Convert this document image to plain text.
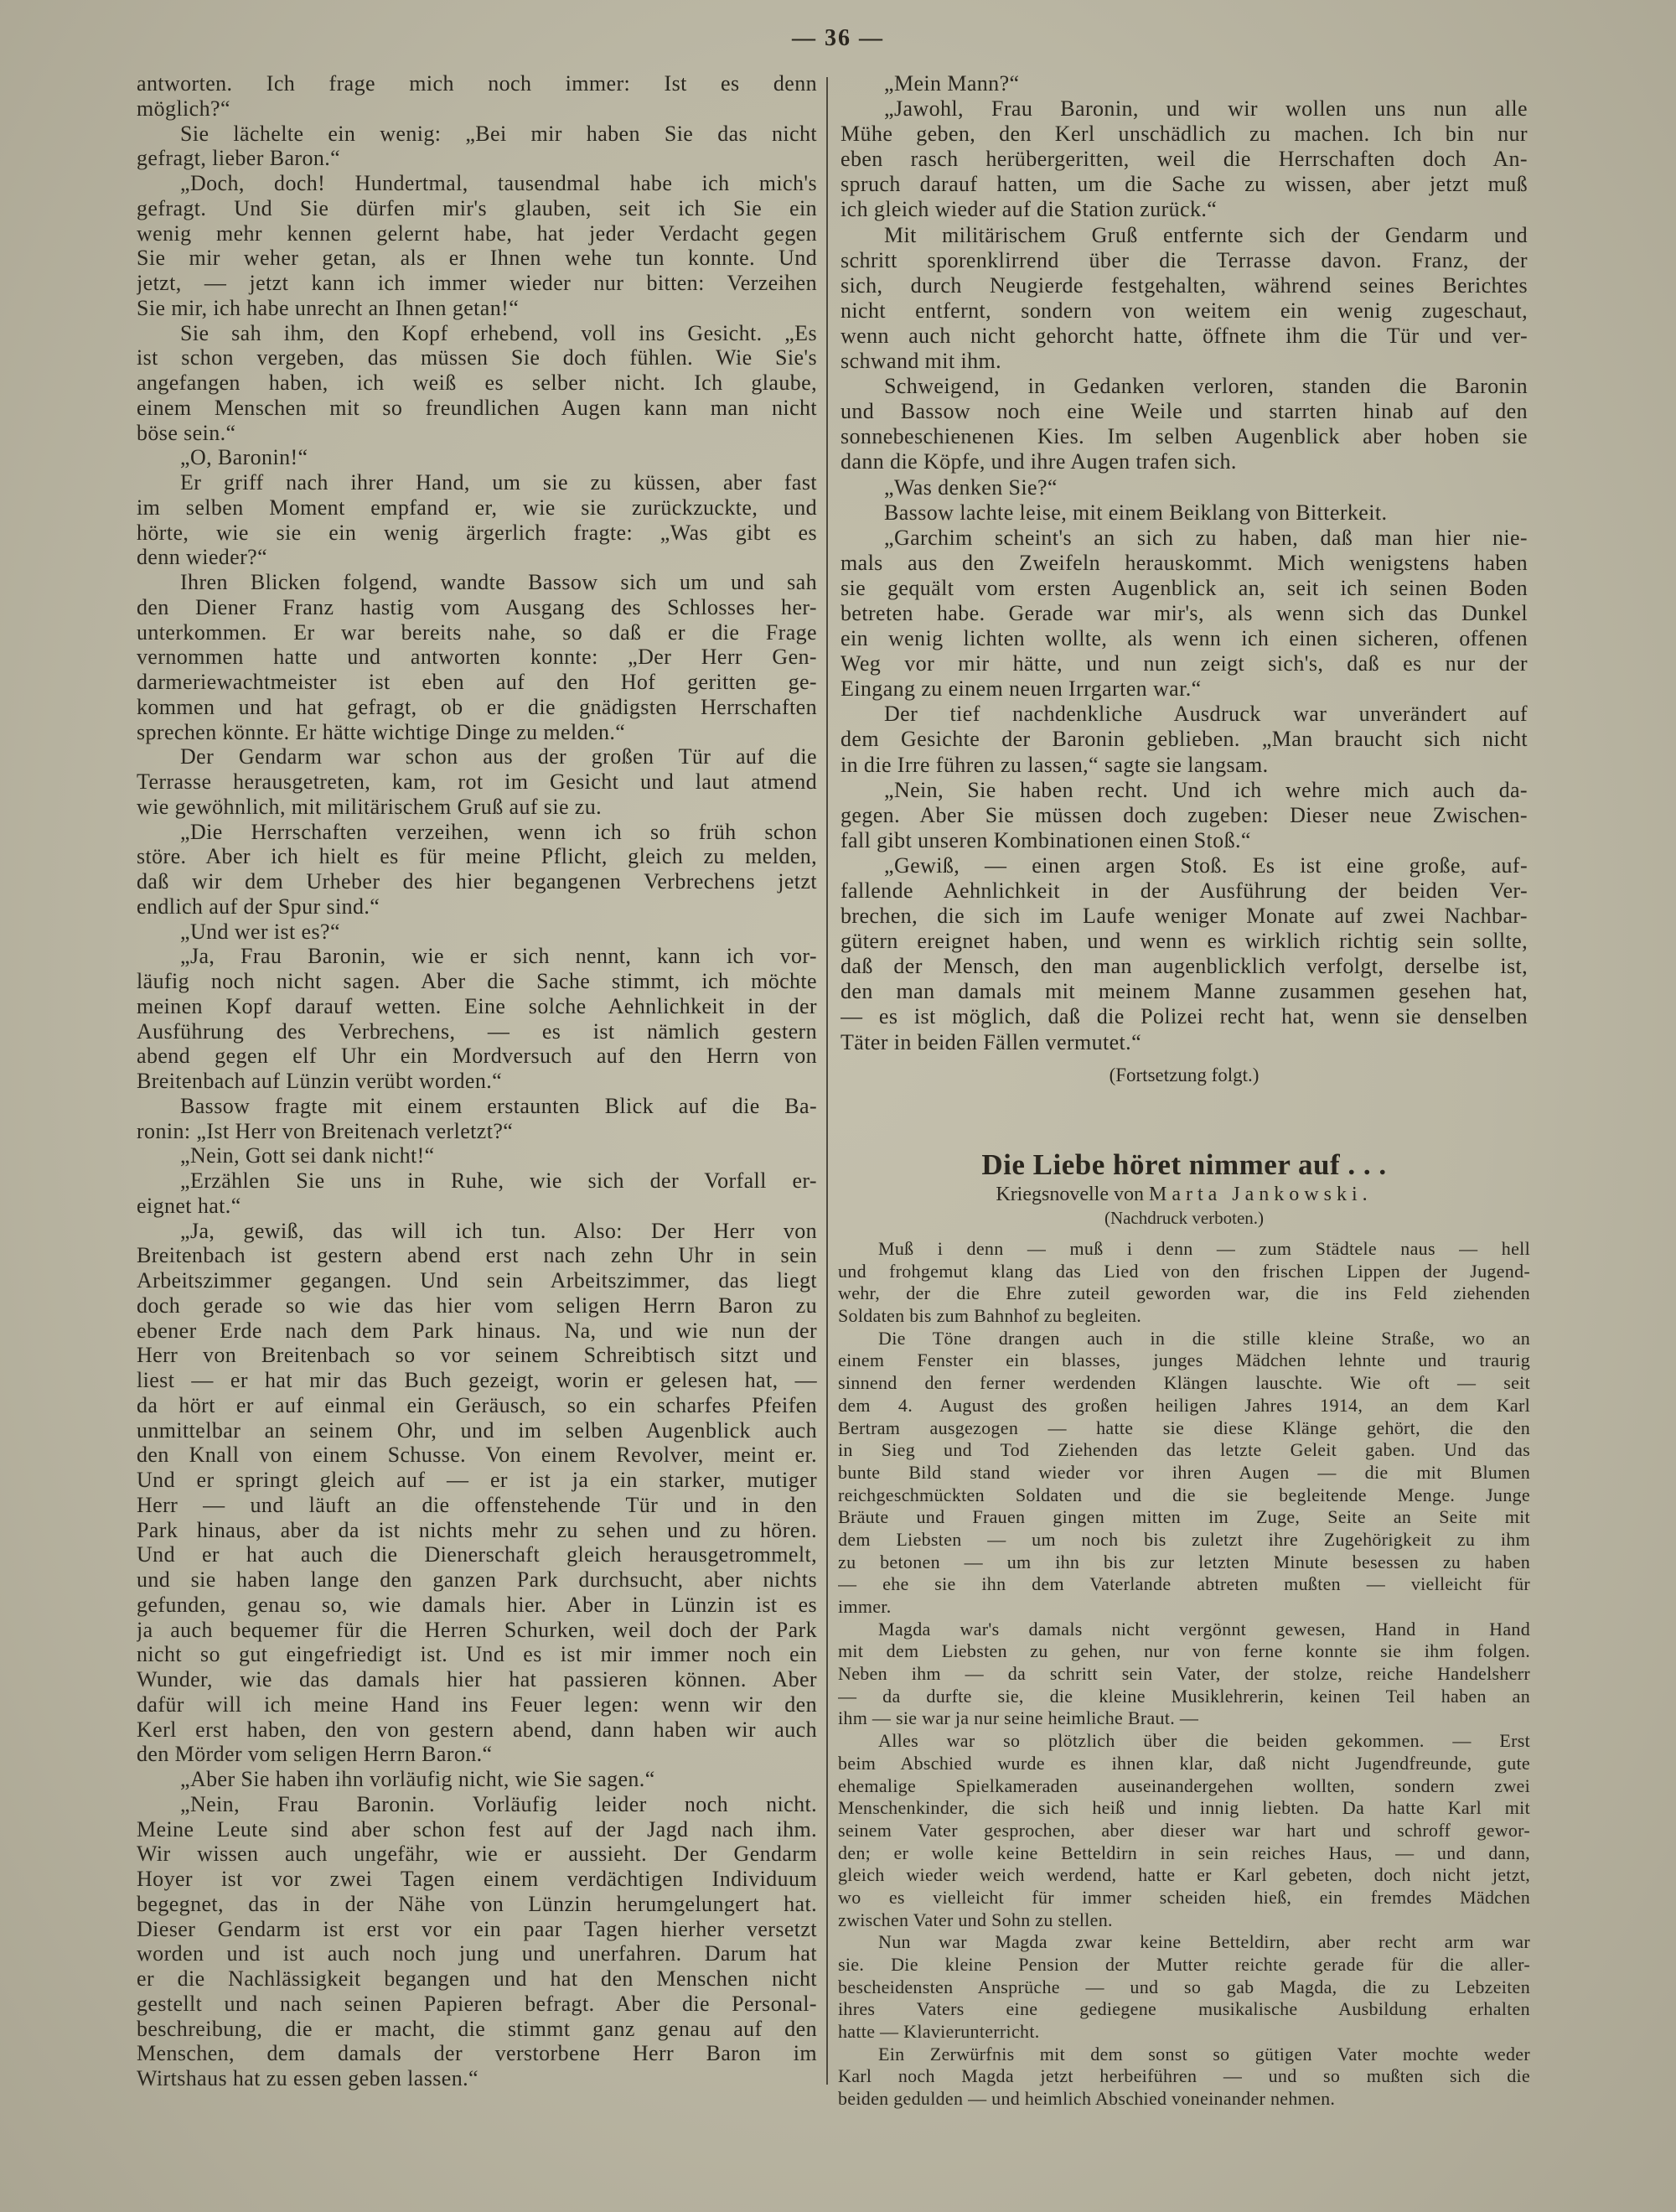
— 36 —
antworten. Ich frage mich noch immer: Ist es denn
möglich?“
Sie lächelte ein wenig: „Bei mir haben Sie das nicht
gefragt, lieber Baron.“
„Doch, doch! Hundertmal, tausendmal habe ich mich's
gefragt. Und Sie dürfen mir's glauben, seit ich Sie ein
wenig mehr kennen gelernt habe, hat jeder Verdacht gegen
Sie mir weher getan, als er Ihnen wehe tun konnte. Und
jetzt, — jetzt kann ich immer wieder nur bitten: Verzeihen
Sie mir, ich habe unrecht an Ihnen getan!“
Sie sah ihm, den Kopf erhebend, voll ins Gesicht. „Es
ist schon vergeben, das müssen Sie doch fühlen. Wie Sie's
angefangen haben, ich weiß es selber nicht. Ich glaube,
einem Menschen mit so freundlichen Augen kann man nicht
böse sein.“
„O, Baronin!“
Er griff nach ihrer Hand, um sie zu küssen, aber fast
im selben Moment empfand er, wie sie zurückzuckte, und
hörte, wie sie ein wenig ärgerlich fragte: „Was gibt es
denn wieder?“
Ihren Blicken folgend, wandte Bassow sich um und sah
den Diener Franz hastig vom Ausgang des Schlosses her-
unterkommen. Er war bereits nahe, so daß er die Frage
vernommen hatte und antworten konnte: „Der Herr Gen-
darmeriewachtmeister ist eben auf den Hof geritten ge-
kommen und hat gefragt, ob er die gnädigsten Herrschaften
sprechen könnte. Er hätte wichtige Dinge zu melden.“
Der Gendarm war schon aus der großen Tür auf die
Terrasse herausgetreten, kam, rot im Gesicht und laut atmend
wie gewöhnlich, mit militärischem Gruß auf sie zu.
„Die Herrschaften verzeihen, wenn ich so früh schon
störe. Aber ich hielt es für meine Pflicht, gleich zu melden,
daß wir dem Urheber des hier begangenen Verbrechens jetzt
endlich auf der Spur sind.“
„Und wer ist es?“
„Ja, Frau Baronin, wie er sich nennt, kann ich vor-
läufig noch nicht sagen. Aber die Sache stimmt, ich möchte
meinen Kopf darauf wetten. Eine solche Aehnlichkeit in der
Ausführung des Verbrechens, — es ist nämlich gestern
abend gegen elf Uhr ein Mordversuch auf den Herrn von
Breitenbach auf Lünzin verübt worden.“
Bassow fragte mit einem erstaunten Blick auf die Ba-
ronin: „Ist Herr von Breitenach verletzt?“
„Nein, Gott sei dank nicht!“
„Erzählen Sie uns in Ruhe, wie sich der Vorfall er-
eignet hat.“
„Ja, gewiß, das will ich tun. Also: Der Herr von
Breitenbach ist gestern abend erst nach zehn Uhr in sein
Arbeitszimmer gegangen. Und sein Arbeitszimmer, das liegt
doch gerade so wie das hier vom seligen Herrn Baron zu
ebener Erde nach dem Park hinaus. Na, und wie nun der
Herr von Breitenbach so vor seinem Schreibtisch sitzt und
liest — er hat mir das Buch gezeigt, worin er gelesen hat, —
da hört er auf einmal ein Geräusch, so ein scharfes Pfeifen
unmittelbar an seinem Ohr, und im selben Augenblick auch
den Knall von einem Schusse. Von einem Revolver, meint er.
Und er springt gleich auf — er ist ja ein starker, mutiger
Herr — und läuft an die offenstehende Tür und in den
Park hinaus, aber da ist nichts mehr zu sehen und zu hören.
Und er hat auch die Dienerschaft gleich herausgetrommelt,
und sie haben lange den ganzen Park durchsucht, aber nichts
gefunden, genau so, wie damals hier. Aber in Lünzin ist es
ja auch bequemer für die Herren Schurken, weil doch der Park
nicht so gut eingefriedigt ist. Und es ist mir immer noch ein
Wunder, wie das damals hier hat passieren können. Aber
dafür will ich meine Hand ins Feuer legen: wenn wir den
Kerl erst haben, den von gestern abend, dann haben wir auch
den Mörder vom seligen Herrn Baron.“
„Aber Sie haben ihn vorläufig nicht, wie Sie sagen.“
„Nein, Frau Baronin. Vorläufig leider noch nicht.
Meine Leute sind aber schon fest auf der Jagd nach ihm.
Wir wissen auch ungefähr, wie er aussieht. Der Gendarm
Hoyer ist vor zwei Tagen einem verdächtigen Individuum
begegnet, das in der Nähe von Lünzin herumgelungert hat.
Dieser Gendarm ist erst vor ein paar Tagen hierher versetzt
worden und ist auch noch jung und unerfahren. Darum hat
er die Nachlässigkeit begangen und hat den Menschen nicht
gestellt und nach seinen Papieren befragt. Aber die Personal-
beschreibung, die er macht, die stimmt ganz genau auf den
Menschen, dem damals der verstorbene Herr Baron im
Wirtshaus hat zu essen geben lassen.“
„Mein Mann?“
„Jawohl, Frau Baronin, und wir wollen uns nun alle
Mühe geben, den Kerl unschädlich zu machen. Ich bin nur
eben rasch herübergeritten, weil die Herrschaften doch An-
spruch darauf hatten, um die Sache zu wissen, aber jetzt muß
ich gleich wieder auf die Station zurück.“
Mit militärischem Gruß entfernte sich der Gendarm und
schritt sporenklirrend über die Terrasse davon. Franz, der
sich, durch Neugierde festgehalten, während seines Berichtes
nicht entfernt, sondern von weitem ein wenig zugeschaut,
wenn auch nicht gehorcht hatte, öffnete ihm die Tür und ver-
schwand mit ihm.
Schweigend, in Gedanken verloren, standen die Baronin
und Bassow noch eine Weile und starrten hinab auf den
sonnebeschienenen Kies. Im selben Augenblick aber hoben sie
dann die Köpfe, und ihre Augen trafen sich.
„Was denken Sie?“
Bassow lachte leise, mit einem Beiklang von Bitterkeit.
„Garchim scheint's an sich zu haben, daß man hier nie-
mals aus den Zweifeln herauskommt. Mich wenigstens haben
sie gequält vom ersten Augenblick an, seit ich seinen Boden
betreten habe. Gerade war mir's, als wenn sich das Dunkel
ein wenig lichten wollte, als wenn ich einen sicheren, offenen
Weg vor mir hätte, und nun zeigt sich's, daß es nur der
Eingang zu einem neuen Irrgarten war.“
Der tief nachdenkliche Ausdruck war unverändert auf
dem Gesichte der Baronin geblieben. „Man braucht sich nicht
in die Irre führen zu lassen,“ sagte sie langsam.
„Nein, Sie haben recht. Und ich wehre mich auch da-
gegen. Aber Sie müssen doch zugeben: Dieser neue Zwischen-
fall gibt unseren Kombinationen einen Stoß.“
„Gewiß, — einen argen Stoß. Es ist eine große, auf-
fallende Aehnlichkeit in der Ausführung der beiden Ver-
brechen, die sich im Laufe weniger Monate auf zwei Nachbar-
gütern ereignet haben, und wenn es wirklich richtig sein sollte,
daß der Mensch, den man augenblicklich verfolgt, derselbe ist,
den man damals mit meinem Manne zusammen gesehen hat,
— es ist möglich, daß die Polizei recht hat, wenn sie denselben
Täter in beiden Fällen vermutet.“
(Fortsetzung folgt.)
Die Liebe höret nimmer auf . . .
Kriegsnovelle von Marta Jankowski.
(Nachdruck verboten.)
Muß i denn — muß i denn — zum Städtele naus — hell
und frohgemut klang das Lied von den frischen Lippen der Jugend-
wehr, der die Ehre zuteil geworden war, die ins Feld ziehenden
Soldaten bis zum Bahnhof zu begleiten.
Die Töne drangen auch in die stille kleine Straße, wo an
einem Fenster ein blasses, junges Mädchen lehnte und traurig
sinnend den ferner werdenden Klängen lauschte. Wie oft — seit
dem 4. August des großen heiligen Jahres 1914, an dem Karl
Bertram ausgezogen — hatte sie diese Klänge gehört, die den
in Sieg und Tod Ziehenden das letzte Geleit gaben. Und das
bunte Bild stand wieder vor ihren Augen — die mit Blumen
reichgeschmückten Soldaten und die sie begleitende Menge. Junge
Bräute und Frauen gingen mitten im Zuge, Seite an Seite mit
dem Liebsten — um noch bis zuletzt ihre Zugehörigkeit zu ihm
zu betonen — um ihn bis zur letzten Minute besessen zu haben
— ehe sie ihn dem Vaterlande abtreten mußten — vielleicht für
immer.
Magda war's damals nicht vergönnt gewesen, Hand in Hand
mit dem Liebsten zu gehen, nur von ferne konnte sie ihm folgen.
Neben ihm — da schritt sein Vater, der stolze, reiche Handelsherr
— da durfte sie, die kleine Musiklehrerin, keinen Teil haben an
ihm — sie war ja nur seine heimliche Braut. —
Alles war so plötzlich über die beiden gekommen. — Erst
beim Abschied wurde es ihnen klar, daß nicht Jugendfreunde, gute
ehemalige Spielkameraden auseinandergehen wollten, sondern zwei
Menschenkinder, die sich heiß und innig liebten. Da hatte Karl mit
seinem Vater gesprochen, aber dieser war hart und schroff gewor-
den; er wolle keine Betteldirn in sein reiches Haus, — und dann,
gleich wieder weich werdend, hatte er Karl gebeten, doch nicht jetzt,
wo es vielleicht für immer scheiden hieß, ein fremdes Mädchen
zwischen Vater und Sohn zu stellen.
Nun war Magda zwar keine Betteldirn, aber recht arm war
sie. Die kleine Pension der Mutter reichte gerade für die aller-
bescheidensten Ansprüche — und so gab Magda, die zu Lebzeiten
ihres Vaters eine gediegene musikalische Ausbildung erhalten
hatte — Klavierunterricht.
Ein Zerwürfnis mit dem sonst so gütigen Vater mochte weder
Karl noch Magda jetzt herbeiführen — und so mußten sich die
beiden gedulden — und heimlich Abschied voneinander nehmen.
